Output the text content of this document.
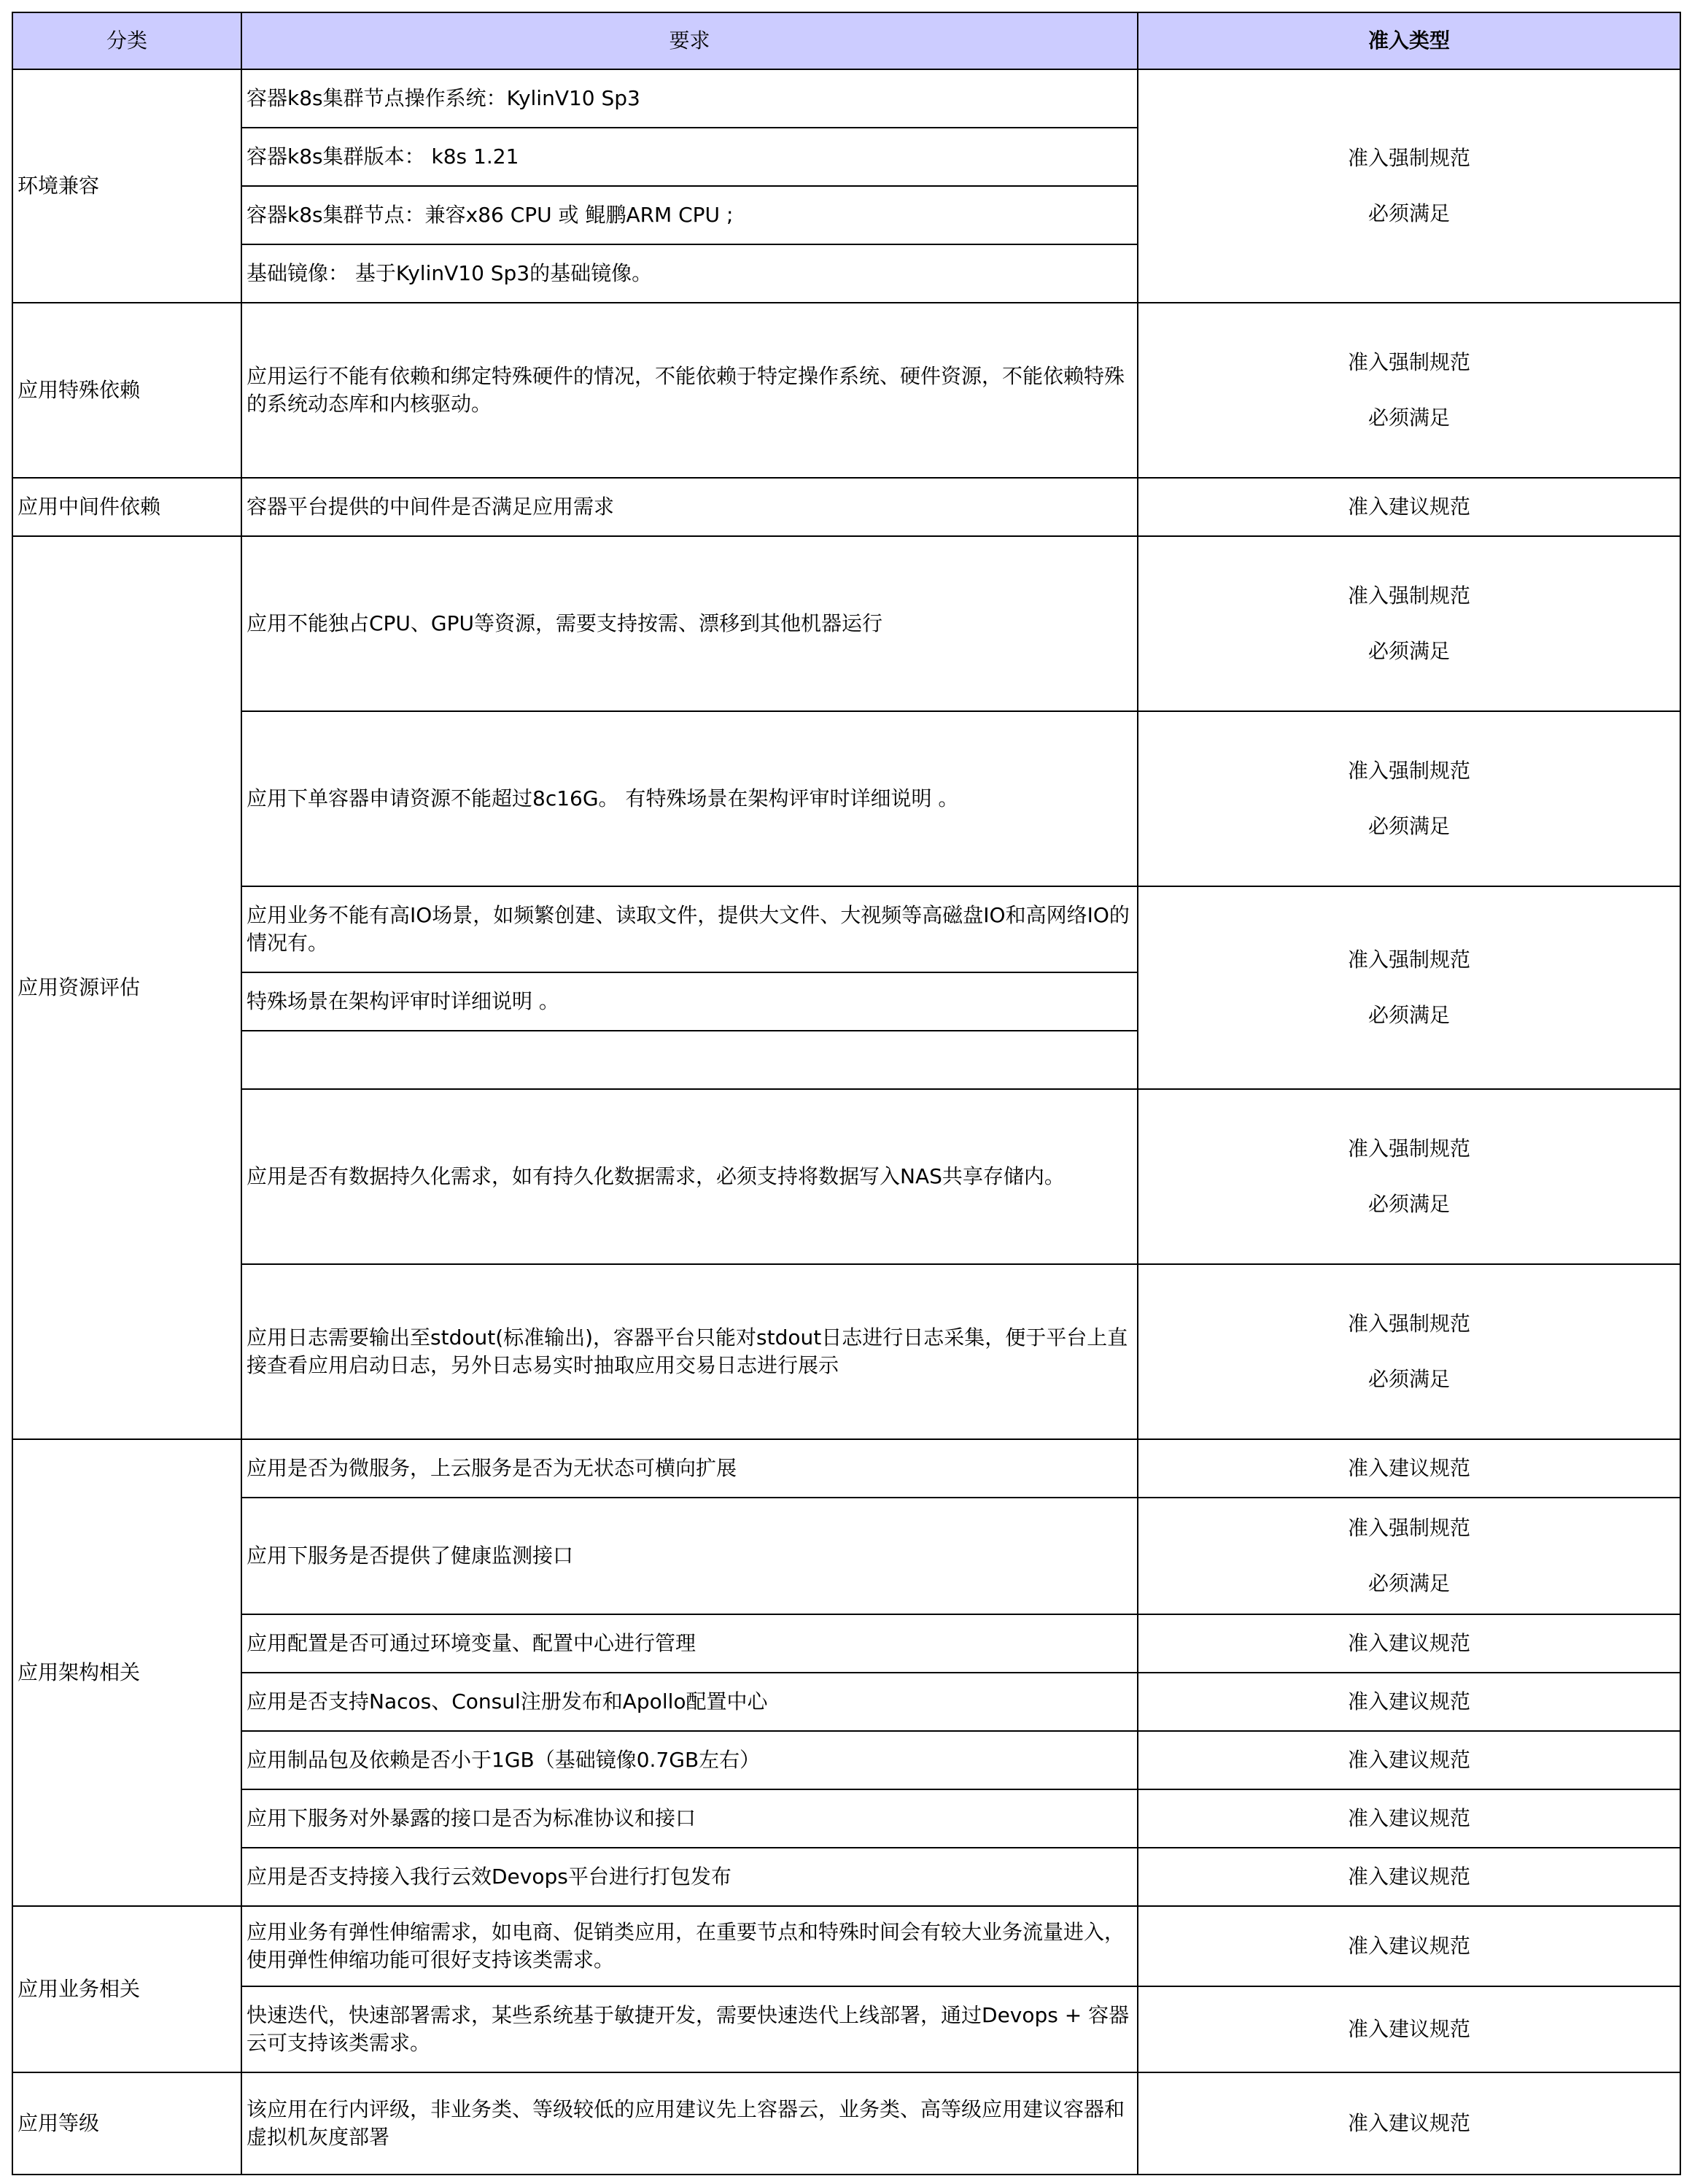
分类	要求	准入类型
环境兼容	容器k8s集群节点操作系统：KylinV10 Sp3	准入强制规范
必须满足

	容器k8s集群版本： k8s 1.21	
	容器k8s集群节点：兼容x86 CPU 或 鲲鹏ARM CPU ;	
	基础镜像： 基于KylinV10 Sp3的基础镜像。	
应用特殊依赖	应用运行不能有依赖和绑定特殊硬件的情况，不能依赖于特定操作系统、硬件资源，不能依赖特殊的系统动态库和内核驱动。	准入强制规范
必须满足

应用中间件依赖	容器平台提供的中间件是否满足应用需求	准入建议规范
应用资源评估	应用不能独占CPU、GPU等资源，需要支持按需、漂移到其他机器运行	准入强制规范
必须满足

	应用下单容器申请资源不能超过8c16G。 有特殊场景在架构评审时详细说明 。	准入强制规范
必须满足

	应用业务不能有高IO场景，如频繁创建、读取文件，提供大文件、大视频等高磁盘IO和高网络IO的情况有。	准入强制规范
必须满足

	特殊场景在架构评审时详细说明 。	

	应用是否有数据持久化需求，如有持久化数据需求，必须支持将数据写入NAS共享存储内。	准入强制规范
必须满足

	应用日志需要输出至stdout(标准输出)，容器平台只能对stdout日志进行日志采集，便于平台上直接查看应用启动日志，另外日志易实时抽取应用交易日志进行展示	准入强制规范
必须满足

应用架构相关	应用是否为微服务，上云服务是否为无状态可横向扩展	准入建议规范
	应用下服务是否提供了健康监测接口	准入强制规范
必须满足

	应用配置是否可通过环境变量、配置中心进行管理	准入建议规范
	应用是否支持Nacos、Consul注册发布和Apollo配置中心	准入建议规范
	应用制品包及依赖是否小于1GB（基础镜像0.7GB左右）	准入建议规范
	应用下服务对外暴露的接口是否为标准协议和接口	准入建议规范
	应用是否支持接入我行云效Devops平台进行打包发布	准入建议规范
应用业务相关	应用业务有弹性伸缩需求，如电商、促销类应用，在重要节点和特殊时间会有较大业务流量进入，使用弹性伸缩功能可很好支持该类需求。	准入建议规范
	快速迭代，快速部署需求，某些系统基于敏捷开发，需要快速迭代上线部署，通过Devops + 容器云可支持该类需求。	准入建议规范
应用等级	该应用在行内评级，非业务类、等级较低的应用建议先上容器云，业务类、高等级应用建议容器和虚拟机灰度部署	准入建议规范
